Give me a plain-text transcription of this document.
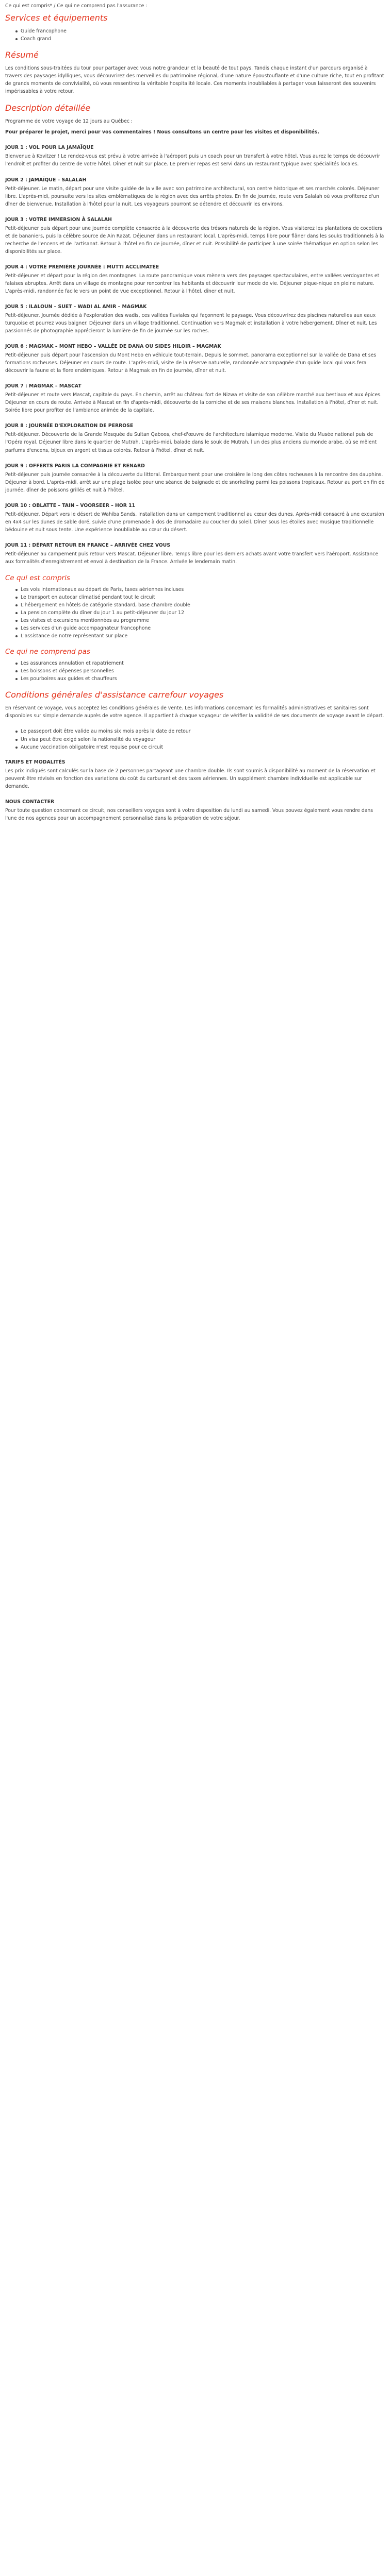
Ce qui est compris* / Ce qui ne comprend pas l'assurance :

Services et équipements
Guide francophone
Coach grand
Résumé

Les conditions sous-traitées du tour pour partager avec vous notre grandeur et la beauté de tout pays. Tandis chaque instant d'un parcours organisé à travers des paysages idylliques, vous découvrirez des merveilles du patrimoine régional, d'une nature époustouflante et d'une culture riche, tout en profitant de grands moments de convivialité, où vous ressentirez la véritable hospitalité locale. Ces moments inoubliables à partager vous laisseront des souvenirs impérissables à votre retour.

Description détaillée

Programme de votre voyage de 12 jours au Québec :

Pour préparer le projet, merci pour vos commentaires ! Nous consultons un centre pour les visites et disponibilités.

JOUR 1 : VOL POUR LA JAMAÏQUE

Bienvenue à Kovitzer ! Le rendez-vous est prévu à votre arrivée à l'aéroport puis un coach pour un transfert à votre hôtel. Vous aurez le temps de découvrir l'endroit et profiter du centre de votre hôtel. Dîner et nuit sur place. Le premier repas est servi dans un restaurant typique avec spécialités locales.

JOUR 2 : JAMAÏQUE – SALALAH

Petit-déjeuner. Le matin, départ pour une visite guidée de la ville avec son patrimoine architectural, son centre historique et ses marchés colorés. Déjeuner libre. L'après-midi, poursuite vers les sites emblématiques de la région avec des arrêts photos. En fin de journée, route vers Salalah où vous profiterez d'un dîner de bienvenue. Installation à l'hôtel pour la nuit. Les voyageurs pourront se détendre et découvrir les environs.

JOUR 3 : VOTRE IMMERSION À SALALAH

Petit-déjeuner puis départ pour une journée complète consacrée à la découverte des trésors naturels de la région. Vous visiterez les plantations de cocotiers et de bananiers, puis la célèbre source de Ain Razat. Déjeuner dans un restaurant local. L'après-midi, temps libre pour flâner dans les souks traditionnels à la recherche de l'encens et de l'artisanat. Retour à l'hôtel en fin de journée, dîner et nuit. Possibilité de participer à une soirée thématique en option selon les disponibilités sur place.

JOUR 4 : VOTRE PREMIÈRE JOURNÉE : MUTTI ACCLIMATÉE

Petit-déjeuner et départ pour la région des montagnes. La route panoramique vous mènera vers des paysages spectaculaires, entre vallées verdoyantes et falaises abruptes. Arrêt dans un village de montagne pour rencontrer les habitants et découvrir leur mode de vie. Déjeuner pique-nique en pleine nature. L'après-midi, randonnée facile vers un point de vue exceptionnel. Retour à l'hôtel, dîner et nuit.

JOUR 5 : ILALOUN – SUET – WADI AL AMIR – MAGMAK

Petit-déjeuner. Journée dédiée à l'exploration des wadis, ces vallées fluviales qui façonnent le paysage. Vous découvrirez des piscines naturelles aux eaux turquoise et pourrez vous baigner. Déjeuner dans un village traditionnel. Continuation vers Magmak et installation à votre hébergement. Dîner et nuit. Les passionnés de photographie apprécieront la lumière de fin de journée sur les roches.

JOUR 6 : MAGMAK – MONT HEBO – VALLÉE DE DANA OU SIDES HILOIR – MAGMAK

Petit-déjeuner puis départ pour l'ascension du Mont Hebo en véhicule tout-terrain. Depuis le sommet, panorama exceptionnel sur la vallée de Dana et ses formations rocheuses. Déjeuner en cours de route. L'après-midi, visite de la réserve naturelle, randonnée accompagnée d'un guide local qui vous fera découvrir la faune et la flore endémiques. Retour à Magmak en fin de journée, dîner et nuit.

JOUR 7 : MAGMAK – MASCAT

Petit-déjeuner et route vers Mascat, capitale du pays. En chemin, arrêt au château fort de Nizwa et visite de son célèbre marché aux bestiaux et aux épices. Déjeuner en cours de route. Arrivée à Mascat en fin d'après-midi, découverte de la corniche et de ses maisons blanches. Installation à l'hôtel, dîner et nuit. Soirée libre pour profiter de l'ambiance animée de la capitale.

JOUR 8 : JOURNÉE D'EXPLORATION DE PERROSE

Petit-déjeuner. Découverte de la Grande Mosquée du Sultan Qaboos, chef-d'œuvre de l'architecture islamique moderne. Visite du Musée national puis de l'Opéra royal. Déjeuner libre dans le quartier de Mutrah. L'après-midi, balade dans le souk de Mutrah, l'un des plus anciens du monde arabe, où se mêlent parfums d'encens, bijoux en argent et tissus colorés. Retour à l'hôtel, dîner et nuit.

JOUR 9 : OFFERTS PARIS LA COMPAGNIE ET RENARD

Petit-déjeuner puis journée consacrée à la découverte du littoral. Embarquement pour une croisière le long des côtes rocheuses à la rencontre des dauphins. Déjeuner à bord. L'après-midi, arrêt sur une plage isolée pour une séance de baignade et de snorkeling parmi les poissons tropicaux. Retour au port en fin de journée, dîner de poissons grillés et nuit à l'hôtel.

JOUR 10 : OBLATTE – TAIN – VOORSEER – HOR 11

Petit-déjeuner. Départ vers le désert de Wahiba Sands. Installation dans un campement traditionnel au cœur des dunes. Après-midi consacré à une excursion en 4x4 sur les dunes de sable doré, suivie d'une promenade à dos de dromadaire au coucher du soleil. Dîner sous les étoiles avec musique traditionnelle bédouine et nuit sous tente. Une expérience inoubliable au cœur du désert.

JOUR 11 : DÉPART RETOUR EN FRANCE – ARRIVÉE CHEZ VOUS

Petit-déjeuner au campement puis retour vers Mascat. Déjeuner libre. Temps libre pour les derniers achats avant votre transfert vers l'aéroport. Assistance aux formalités d'enregistrement et envol à destination de la France. Arrivée le lendemain matin.

Ce qui est compris
Les vols internationaux au départ de Paris, taxes aériennes incluses
Le transport en autocar climatisé pendant tout le circuit
L'hébergement en hôtels de catégorie standard, base chambre double
La pension complète du dîner du jour 1 au petit-déjeuner du jour 12
Les visites et excursions mentionnées au programme
Les services d'un guide accompagnateur francophone
L'assistance de notre représentant sur place
Ce qui ne comprend pas
Les assurances annulation et rapatriement
Les boissons et dépenses personnelles
Les pourboires aux guides et chauffeurs
Conditions générales d'assistance carrefour voyages

En réservant ce voyage, vous acceptez les conditions générales de vente. Les informations concernant les formalités administratives et sanitaires sont disponibles sur simple demande auprès de votre agence. Il appartient à chaque voyageur de vérifier la validité de ses documents de voyage avant le départ.

Le passeport doit être valide au moins six mois après la date de retour
Un visa peut être exigé selon la nationalité du voyageur
Aucune vaccination obligatoire n'est requise pour ce circuit
TARIFS ET MODALITÉS

Les prix indiqués sont calculés sur la base de 2 personnes partageant une chambre double. Ils sont soumis à disponibilité au moment de la réservation et peuvent être révisés en fonction des variations du coût du carburant et des taxes aériennes. Un supplément chambre individuelle est applicable sur demande.

NOUS CONTACTER

Pour toute question concernant ce circuit, nos conseillers voyages sont à votre disposition du lundi au samedi. Vous pouvez également vous rendre dans l'une de nos agences pour un accompagnement personnalisé dans la préparation de votre séjour.
